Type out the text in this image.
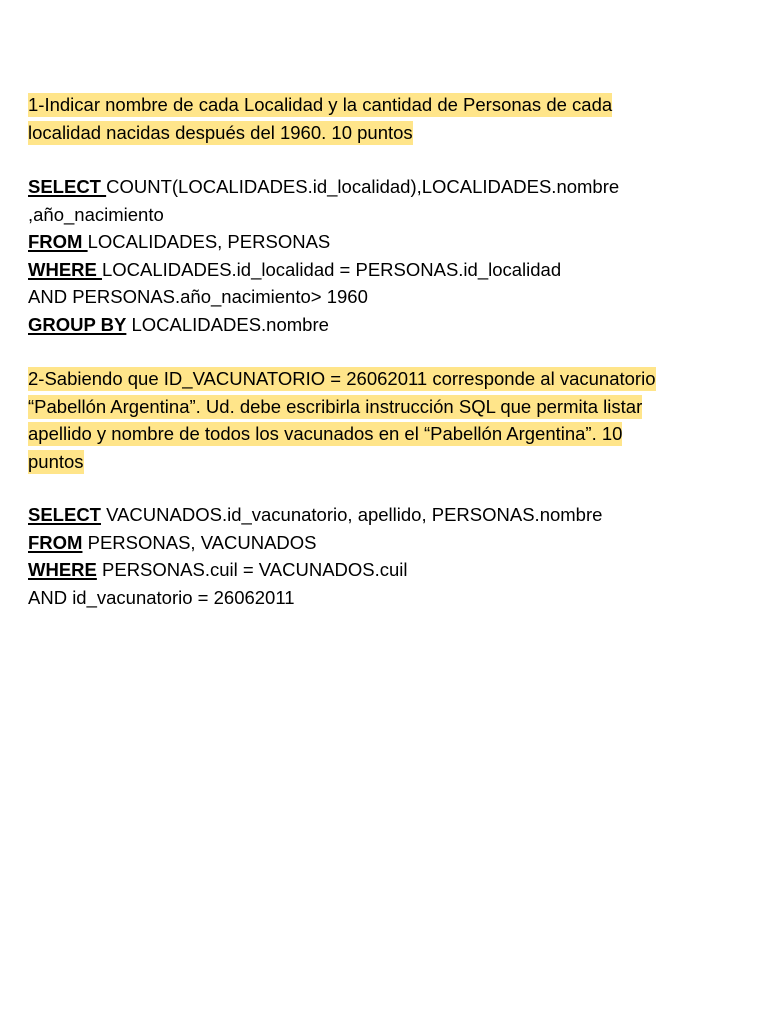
1-Indicar nombre de cada Localidad y la cantidad de Personas de cada
localidad nacidas después del 1960. 10 puntos
SELECT COUNT(LOCALIDADES.id_localidad),LOCALIDADES.nombre
,año_nacimiento
FROM LOCALIDADES, PERSONAS
WHERE LOCALIDADES.id_localidad = PERSONAS.id_localidad
AND PERSONAS.año_nacimiento> 1960
GROUP BY LOCALIDADES.nombre
2-Sabiendo que ID_VACUNATORIO = 26062011 corresponde al vacunatorio
“Pabellón Argentina”. Ud. debe escribirla instrucción SQL que permita listar
apellido y nombre de todos los vacunados en el “Pabellón Argentina”. 10
puntos
SELECT VACUNADOS.id_vacunatorio, apellido, PERSONAS.nombre
FROM PERSONAS, VACUNADOS
WHERE PERSONAS.cuil = VACUNADOS.cuil
AND id_vacunatorio = 26062011
